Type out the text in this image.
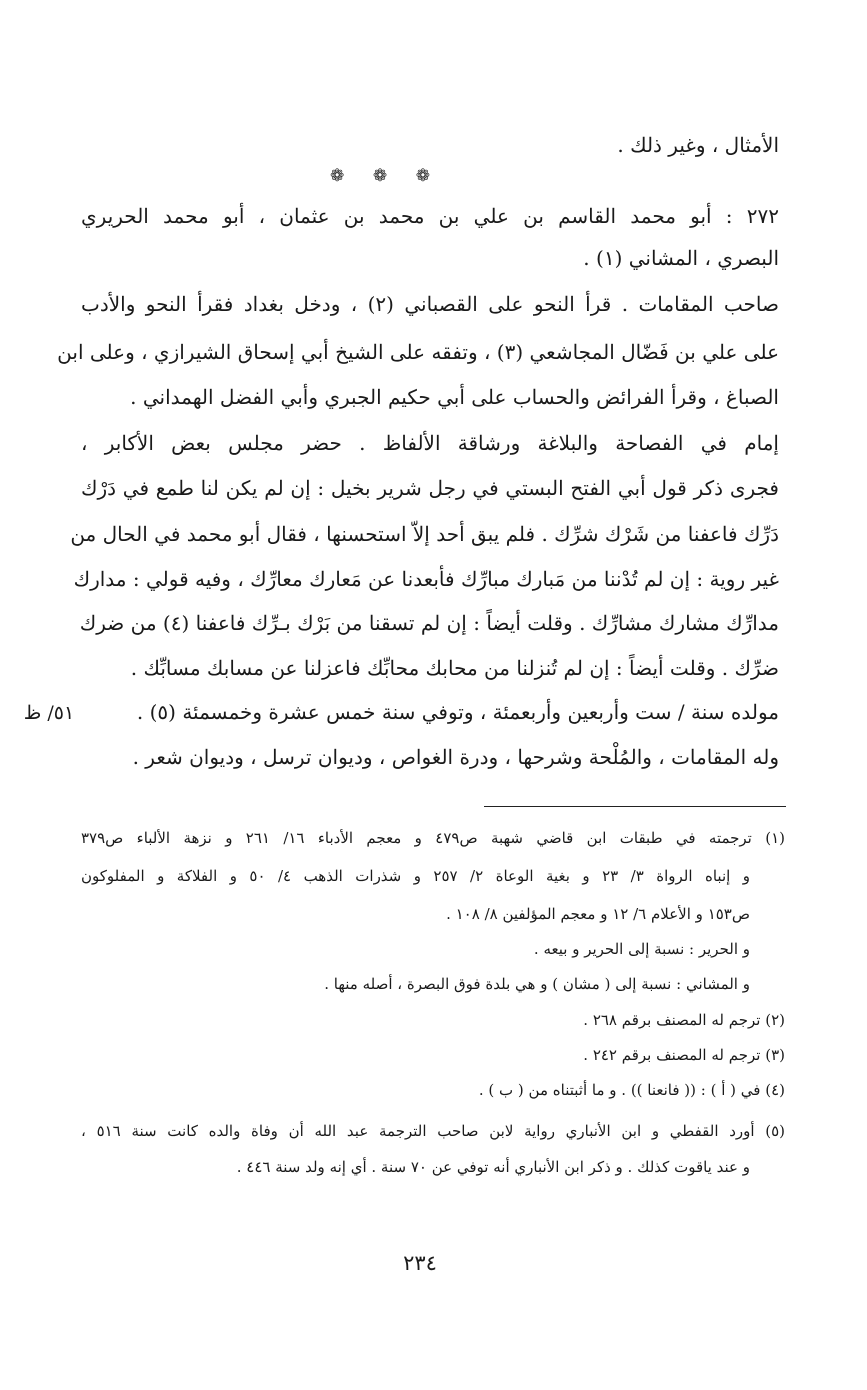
الأمثال ، وغير ذلك .
❁ ❁ ❁
٢٧٢ : أبو محمد القاسم بن علي بن محمد بن عثمان ، أبو محمد الحريري
البصري ، المشاني (١) .
صاحب المقامات . قرأ النحو على القصباني (٢) ، ودخل بغداد فقرأ النحو والأدب
على علي بن فَضّال المجاشعي (٣) ، وتفقه على الشيخ أبي إسحاق الشيرازي ، وعلى ابن
الصباغ ، وقرأ الفرائض والحساب على أبي حكيم الجبري وأبي الفضل الهمداني .
إمام في الفصاحة والبلاغة ورشاقة الألفاظ . حضر مجلس بعض الأكابر ،
فجرى ذكر قول أبي الفتح البستي في رجل شرير بخيل : إن لم يكن لنا طمع في دَرْك
دَرِّك فاعفنا من شَرْك شرِّك . فلم يبق أحد إلاّ استحسنها ، فقال أبو محمد في الحال من
غير روية : إن لم تُدْننا من مَبارك مبارِّك فأبعدنا عن مَعارك معارِّك ، وفيه قولي : مدارك
مدارِّك مشارك مشارِّك . وقلت أيضاً : إن لم تسقنا من بَرْك بـرِّك فاعفنا (٤) من ضرك
ضرِّك . وقلت أيضاً : إن لم تُنزلنا من محابك محابِّك فاعزلنا عن مسابك مسابِّك .
مولده سنة / ست وأربعين وأربعمئة ، وتوفي سنة خمس عشرة وخمسمئة (٥) .
٥١/ ظ
وله المقامات ، والمُلْحة وشرحها ، ودرة الغواص ، وديوان ترسل ، وديوان شعر .
(١) ترجمته في طبقات ابن قاضي شهبة ص٤٧٩ و معجم الأدباء ١٦/ ٢٦١ و نزهة الألباء ص٣٧٩
و إنباه الرواة ٣/ ٢٣ و بغية الوعاة ٢/ ٢٥٧ و شذرات الذهب ٤/ ٥٠ و الفلاكة و المفلوكون
ص١٥٣ و الأعلام ٦/ ١٢ و معجم المؤلفين ٨/ ١٠٨ .
و الحرير : نسبة إلى الحرير و بيعه .
و المشاني : نسبة إلى ( مشان ) و هي بلدة فوق البصرة ، أصله منها .
(٢) ترجم له المصنف برقم ٢٦٨ .
(٣) ترجم له المصنف برقم ٢٤٢ .
(٤) في ( أ ) : (( فانعنا )) . و ما أثبتناه من ( ب ) .
(٥) أورد القفطي و ابن الأنباري رواية لابن صاحب الترجمة عبد الله أن وفاة والده كانت سنة ٥١٦ ،
و عند ياقوت كذلك . و ذكر ابن الأنباري أنه توفي عن ٧٠ سنة . أي إنه ولد سنة ٤٤٦ .
٢٣٤
